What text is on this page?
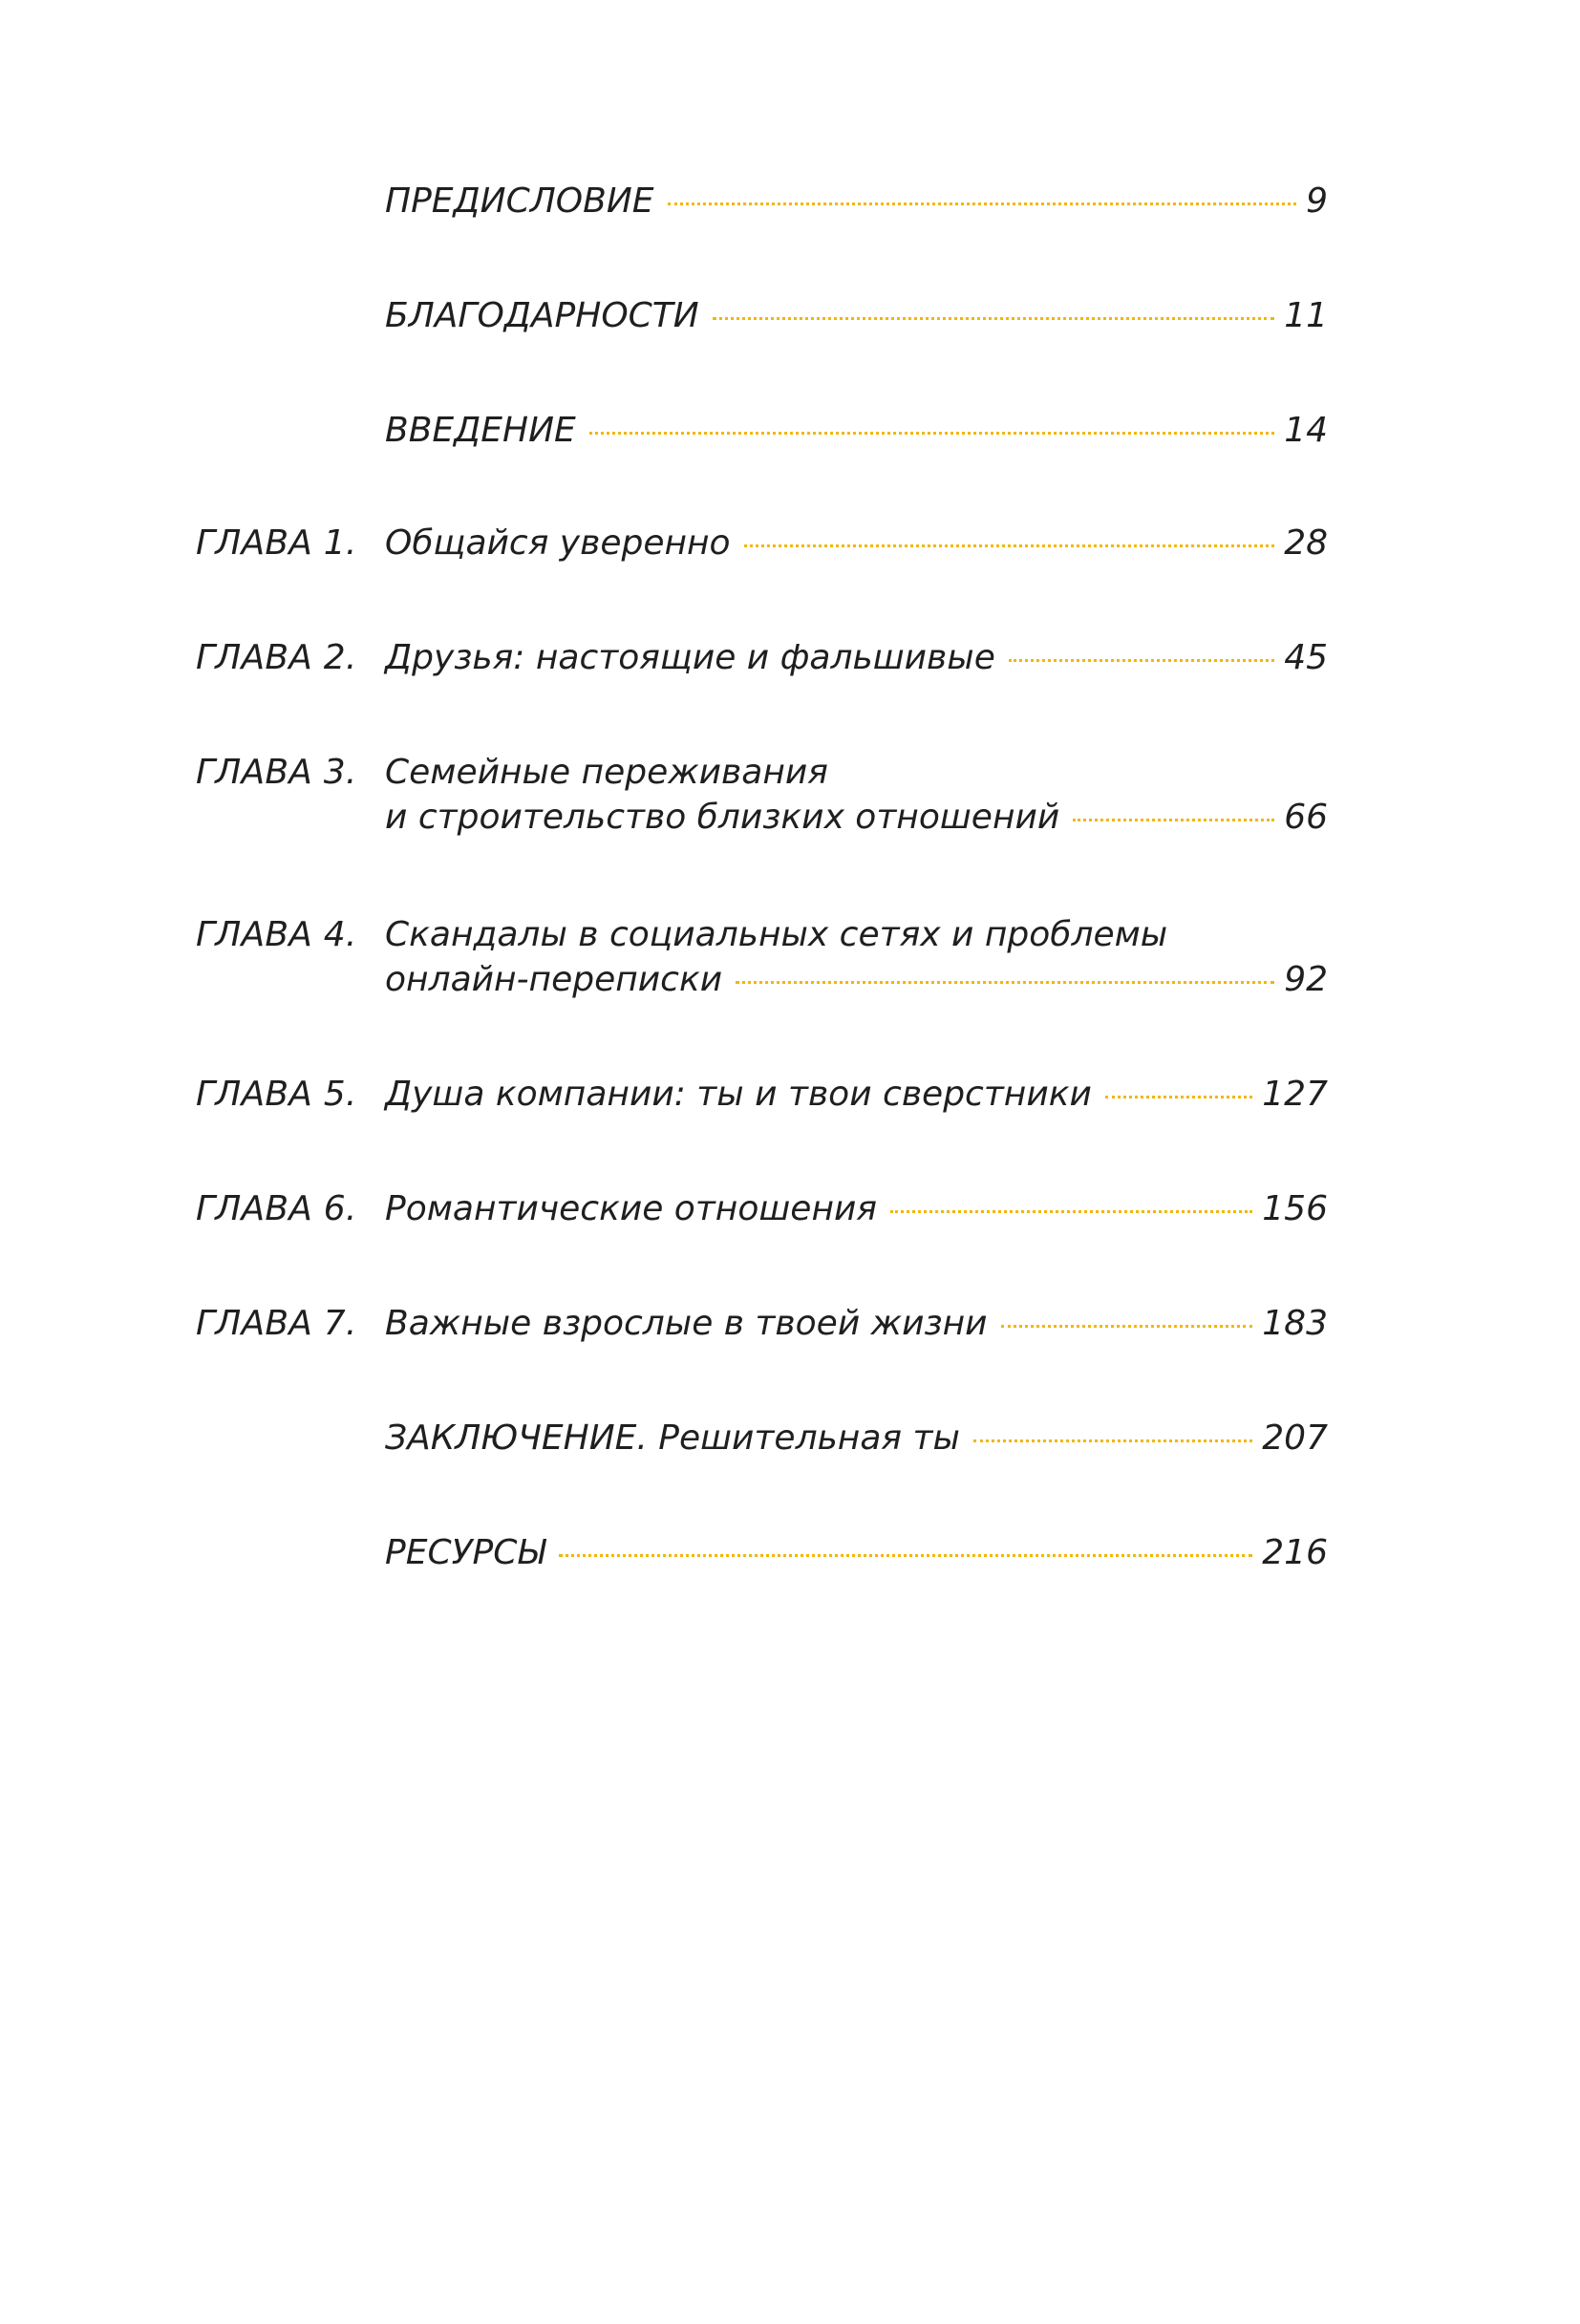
ПРЕДИСЛОВИЕ	9
БЛАГОДАРНОСТИ	11
ВВЕДЕНИЕ	14
ГЛАВА 1. Общайся уверенно	28
ГЛАВА 2. Друзья: настоящие и фальшивые	45
ГЛАВА 3. Семейные переживания
и строительство близких отношений	66
ГЛАВА 4. Скандалы в социальных сетях и проблемы
онлайн-переписки	92
ГЛАВА 5. Душа компании: ты и твои сверстники	127
ГЛАВА 6. Романтические отношения	156
ГЛАВА 7. Важные взрослые в твоей жизни	183
ЗАКЛЮЧЕНИЕ. Решительная ты	207
РЕСУРСЫ	216
